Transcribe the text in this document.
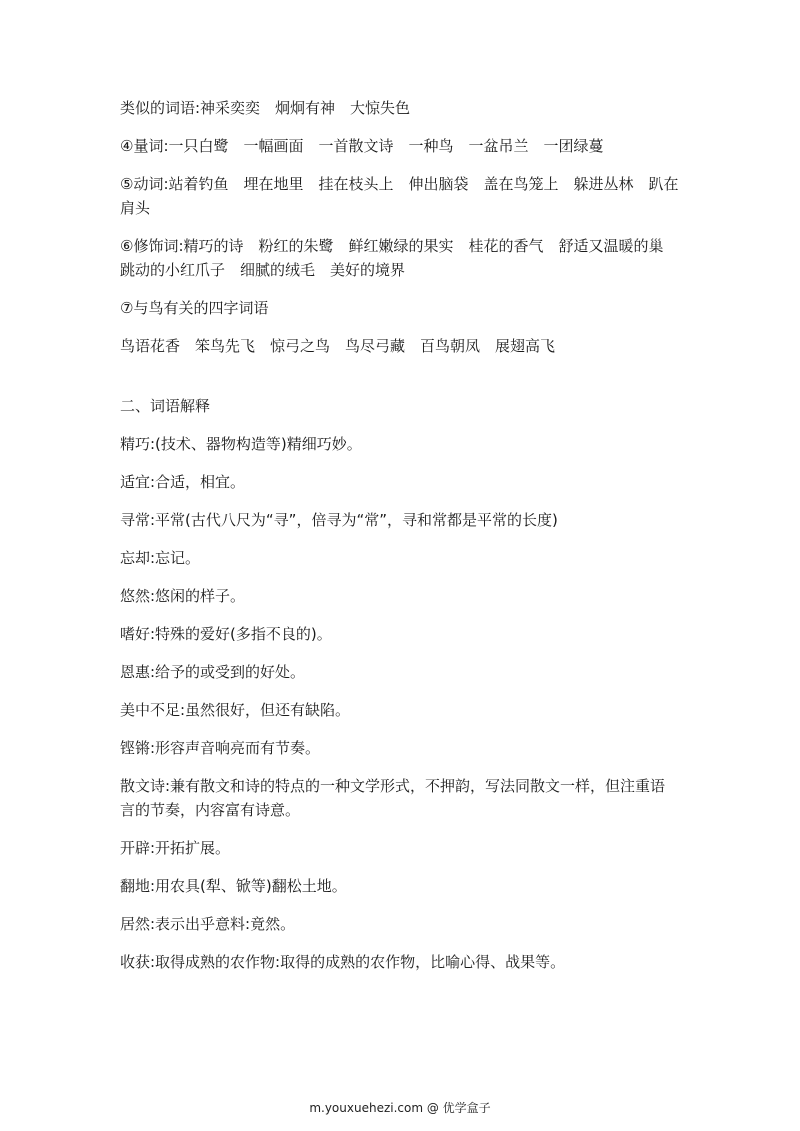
类似的词语:神采奕奕　炯炯有神　大惊失色
④量词:一只白鹭　一幅画面　一首散文诗　一种鸟　一盆吊兰　一团绿蔓
⑤动词:站着钓鱼　埋在地里　挂在枝头上　伸出脑袋　盖在鸟笼上　躲进丛林　趴在肩头
⑥修饰词:精巧的诗　粉红的朱鹭　鲜红嫩绿的果实　桂花的香气　舒适又温暖的巢　跳动的小红爪子　细腻的绒毛　美好的境界
⑦与鸟有关的四字词语
鸟语花香　笨鸟先飞　惊弓之鸟　鸟尽弓藏　百鸟朝凤　展翅高飞
二、词语解释
精巧:(技术、器物构造等)精细巧妙。
适宜:合适，相宜。
寻常:平常(古代八尺为“寻”，倍寻为“常”，寻和常都是平常的长度)
忘却:忘记。
悠然:悠闲的样子。
嗜好:特殊的爱好(多指不良的)。
恩惠:给予的或受到的好处。
美中不足:虽然很好，但还有缺陷。
铿锵:形容声音响亮而有节奏。
散文诗:兼有散文和诗的特点的一种文学形式，不押韵，写法同散文一样，但注重语言的节奏，内容富有诗意。
开辟:开拓扩展。
翻地:用农具(犁、锨等)翻松土地。
居然:表示出乎意料:竟然。
收获:取得成熟的农作物:取得的成熟的农作物，比喻心得、战果等。
m.youxuehezi.com @ 优学盒子
